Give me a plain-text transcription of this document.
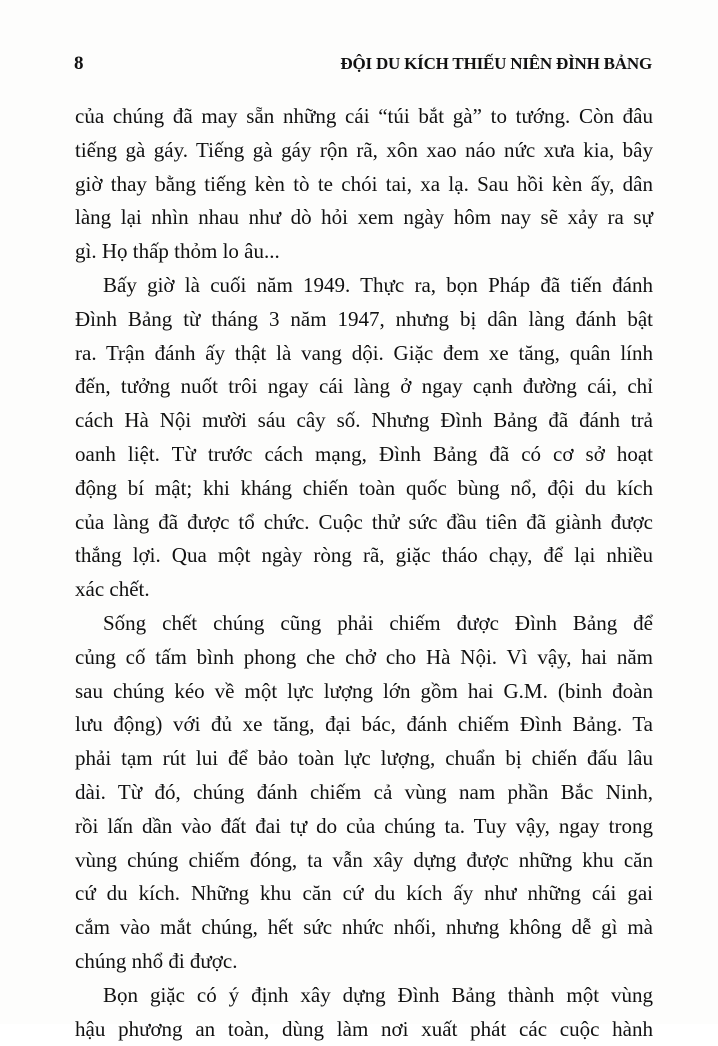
8	ĐỘI DU KÍCH THIẾU NIÊN ĐÌNH BẢNG
của chúng đã may sẵn những cái “túi bắt gà” to tướng. Còn đâu
tiếng gà gáy. Tiếng gà gáy rộn rã, xôn xao náo nức xưa kia, bây
giờ thay bằng tiếng kèn tò te chói tai, xa lạ. Sau hồi kèn ấy, dân
làng lại nhìn nhau như dò hỏi xem ngày hôm nay sẽ xảy ra sự
gì. Họ thấp thỏm lo âu...
Bấy giờ là cuối năm 1949. Thực ra, bọn Pháp đã tiến đánh
Đình Bảng từ tháng 3 năm 1947, nhưng bị dân làng đánh bật
ra. Trận đánh ấy thật là vang dội. Giặc đem xe tăng, quân lính
đến, tưởng nuốt trôi ngay cái làng ở ngay cạnh đường cái, chỉ
cách Hà Nội mười sáu cây số. Nhưng Đình Bảng đã đánh trả
oanh liệt. Từ trước cách mạng, Đình Bảng đã có cơ sở hoạt
động bí mật; khi kháng chiến toàn quốc bùng nổ, đội du kích
của làng đã được tổ chức. Cuộc thử sức đầu tiên đã giành được
thắng lợi. Qua một ngày ròng rã, giặc tháo chạy, để lại nhiều
xác chết.
Sống chết chúng cũng phải chiếm được Đình Bảng để
củng cố tấm bình phong che chở cho Hà Nội. Vì vậy, hai năm
sau chúng kéo về một lực lượng lớn gồm hai G.M. (binh đoàn
lưu động) với đủ xe tăng, đại bác, đánh chiếm Đình Bảng. Ta
phải tạm rút lui để bảo toàn lực lượng, chuẩn bị chiến đấu lâu
dài. Từ đó, chúng đánh chiếm cả vùng nam phần Bắc Ninh,
rồi lấn dần vào đất đai tự do của chúng ta. Tuy vậy, ngay trong
vùng chúng chiếm đóng, ta vẫn xây dựng được những khu căn
cứ du kích. Những khu căn cứ du kích ấy như những cái gai
cắm vào mắt chúng, hết sức nhức nhối, nhưng không dễ gì mà
chúng nhổ đi được.
Bọn giặc có ý định xây dựng Đình Bảng thành một vùng
hậu phương an toàn, dùng làm nơi xuất phát các cuộc hành
